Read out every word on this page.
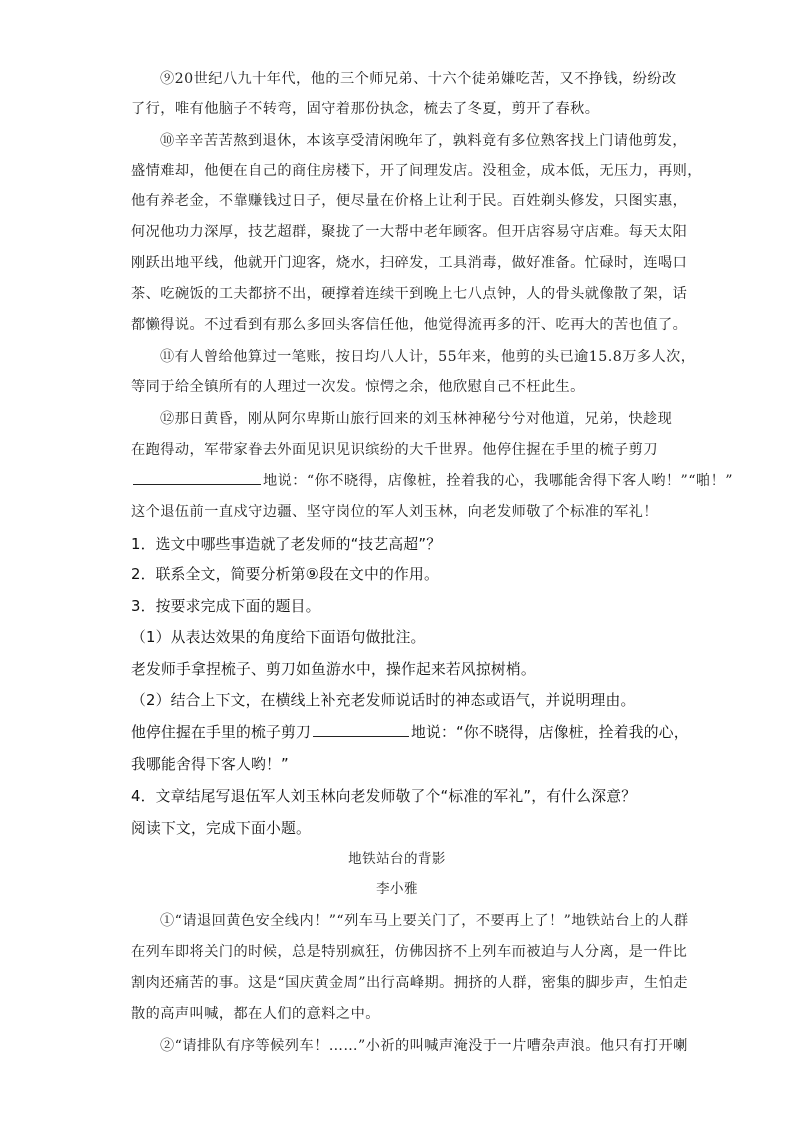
⑨20世纪八九十年代，他的三个师兄弟、十六个徒弟嫌吃苦，又不挣钱，纷纷改
了行，唯有他脑子不转弯，固守着那份执念，梳去了冬夏，剪开了春秋。
⑩辛辛苦苦熬到退休，本该享受清闲晚年了，孰料竟有多位熟客找上门请他剪发，
盛情难却，他便在自己的商住房楼下，开了间理发店。没租金，成本低，无压力，再则，
他有养老金，不靠赚钱过日子，便尽量在价格上让利于民。百姓剃头修发，只图实惠，
何况他功力深厚，技艺超群，聚拢了一大帮中老年顾客。但开店容易守店难。每天太阳
刚跃出地平线，他就开门迎客，烧水，扫碎发，工具消毒，做好准备。忙碌时，连喝口
茶、吃碗饭的工夫都挤不出，硬撑着连续干到晚上七八点钟，人的骨头就像散了架，话
都懒得说。不过看到有那么多回头客信任他，他觉得流再多的汗、吃再大的苦也值了。
⑪有人曾给他算过一笔账，按日均八人计，55年来，他剪的头已逾15.8万多人次，
等同于给全镇所有的人理过一次发。惊愕之余，他欣慰自己不枉此生。
⑫那日黄昏，刚从阿尔卑斯山旅行回来的刘玉林神秘兮兮对他道，兄弟，快趁现
在跑得动，军带家眷去外面见识见识缤纷的大千世界。他停住握在手里的梳子剪刀
地说：“你不晓得，店像桩，拴着我的心，我哪能舍得下客人哟！”“啪！”
这个退伍前一直戍守边疆、坚守岗位的军人刘玉林，向老发师敬了个标准的军礼！
1．选文中哪些事造就了老发师的“技艺高超”？
2．联系全文，简要分析第⑨段在文中的作用。
3．按要求完成下面的题目。
（1）从表达效果的角度给下面语句做批注。
老发师手拿捏梳子、剪刀如鱼游水中，操作起来若风掠树梢。
（2）结合上下文，在横线上补充老发师说话时的神态或语气，并说明理由。
他停住握在手里的梳子剪刀	地说：“你不晓得，店像桩，拴着我的心，
我哪能舍得下客人哟！”
4．文章结尾写退伍军人刘玉林向老发师敬了个“标准的军礼”，有什么深意？
阅读下文，完成下面小题。
地铁站台的背影
李小雅
①“请退回黄色安全线内！”“列车马上要关门了，不要再上了！”地铁站台上的人群
在列车即将关门的时候，总是特别疯狂，仿佛因挤不上列车而被迫与人分离，是一件比
割肉还痛苦的事。这是“国庆黄金周”出行高峰期。拥挤的人群，密集的脚步声，生怕走
散的高声叫喊，都在人们的意料之中。
②“请排队有序等候列车！……”小祈的叫喊声淹没于一片嘈杂声浪。他只有打开喇
